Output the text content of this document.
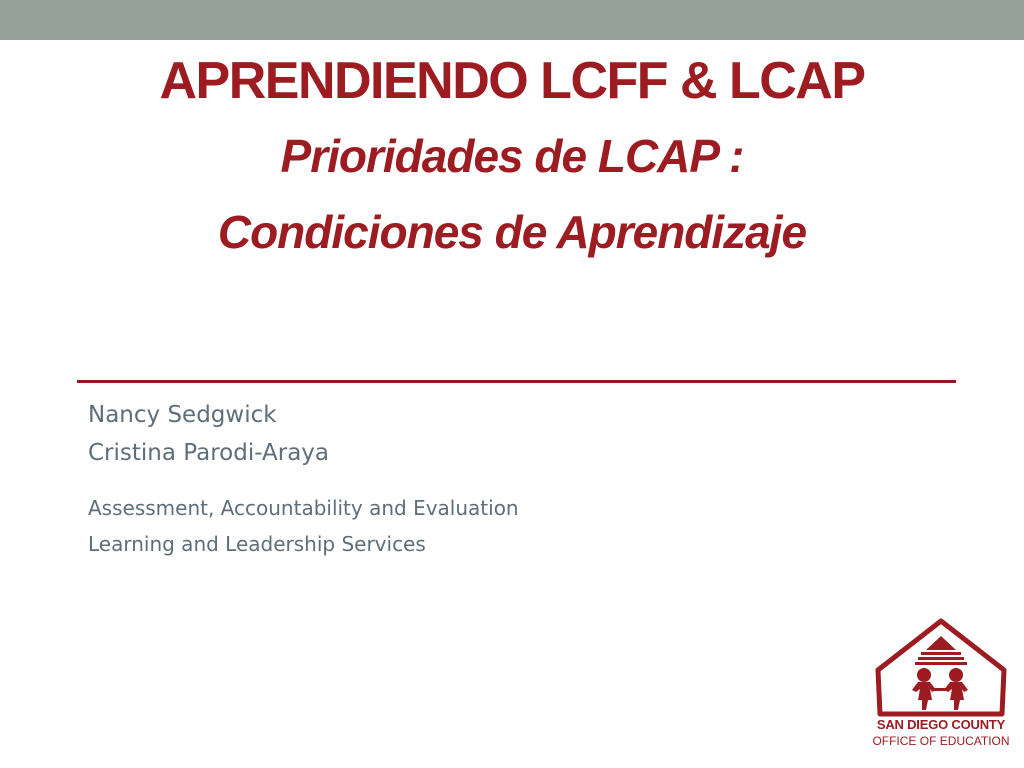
APRENDIENDO LCFF & LCAP
Prioridades de LCAP :
Condiciones de Aprendizaje
Nancy Sedgwick
Cristina Parodi-Araya
Assessment, Accountability and Evaluation
Learning and Leadership Services
SAN DIEGO COUNTY
OFFICE OF EDUCATION
